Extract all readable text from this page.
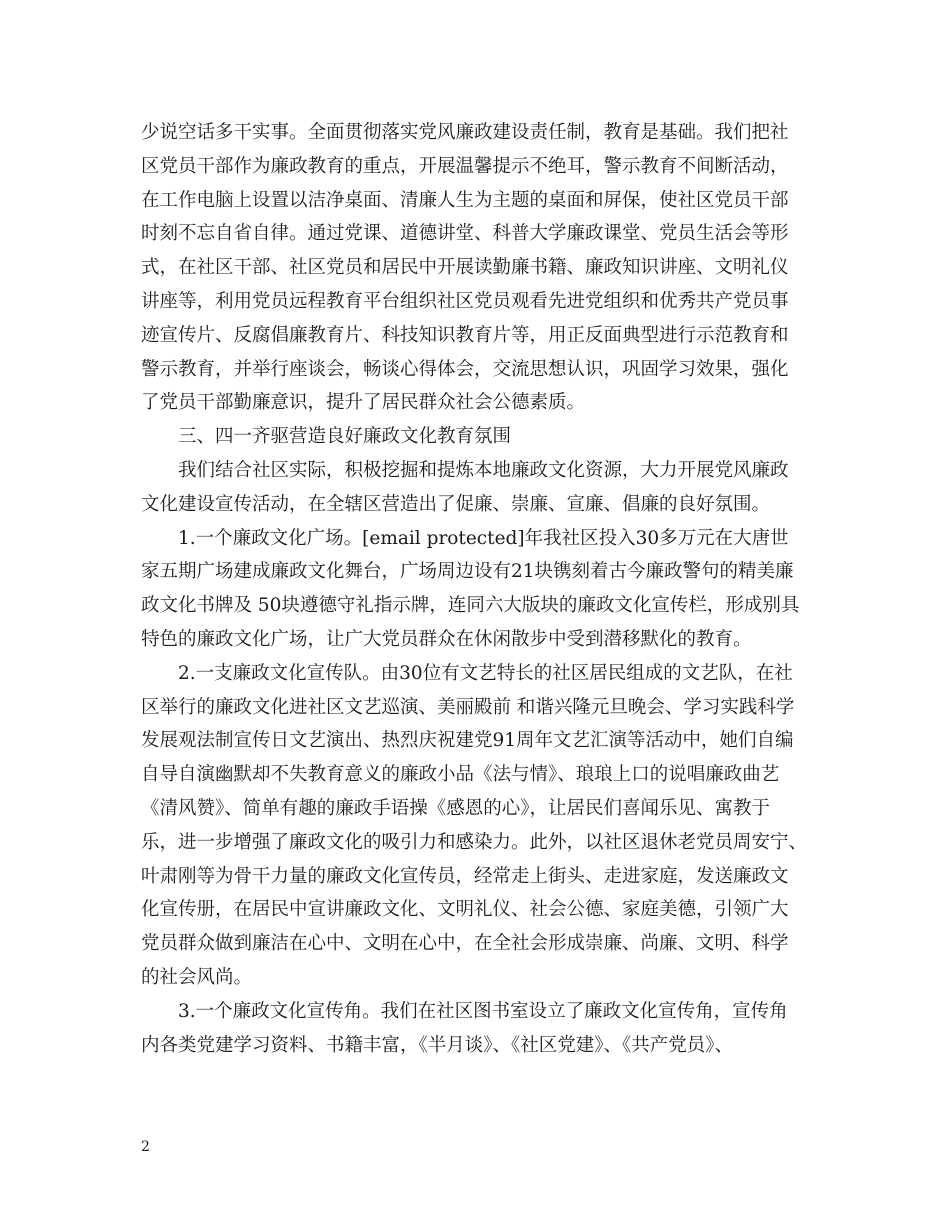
少说空话多干实事。全面贯彻落实党风廉政建设责任制，教育是基础。我们把社
区党员干部作为廉政教育的重点，开展温馨提示不绝耳，警示教育不间断活动，
在工作电脑上设置以洁净桌面、清廉人生为主题的桌面和屏保，使社区党员干部
时刻不忘自省自律。通过党课、道德讲堂、科普大学廉政课堂、党员生活会等形
式，在社区干部、社区党员和居民中开展读勤廉书籍、廉政知识讲座、文明礼仪
讲座等，利用党员远程教育平台组织社区党员观看先进党组织和优秀共产党员事
迹宣传片、反腐倡廉教育片、科技知识教育片等，用正反面典型进行示范教育和
警示教育，并举行座谈会，畅谈心得体会，交流思想认识，巩固学习效果，强化
了党员干部勤廉意识，提升了居民群众社会公德素质。
三、四一齐驱营造良好廉政文化教育氛围
我们结合社区实际，积极挖掘和提炼本地廉政文化资源，大力开展党风廉政
文化建设宣传活动，在全辖区营造出了促廉、崇廉、宣廉、倡廉的良好氛围。
1.一个廉政文化广场。[email protected]年我社区投入30多万元在大唐世
家五期广场建成廉政文化舞台，广场周边设有21块镌刻着古今廉政警句的精美廉
政文化书牌及 50块遵德守礼指示牌，连同六大版块的廉政文化宣传栏，形成别具
特色的廉政文化广场，让广大党员群众在休闲散步中受到潜移默化的教育。
2.一支廉政文化宣传队。由30位有文艺特长的社区居民组成的文艺队，在社
区举行的廉政文化进社区文艺巡演、美丽殿前 和谐兴隆元旦晚会、学习实践科学
发展观法制宣传日文艺演出、热烈庆祝建党91周年文艺汇演等活动中，她们自编
自导自演幽默却不失教育意义的廉政小品《法与情》、琅琅上口的说唱廉政曲艺
《清风赞》、简单有趣的廉政手语操《感恩的心》，让居民们喜闻乐见、寓教于
乐，进一步增强了廉政文化的吸引力和感染力。此外，以社区退休老党员周安宁、
叶肃刚等为骨干力量的廉政文化宣传员，经常走上街头、走进家庭，发送廉政文
化宣传册，在居民中宣讲廉政文化、文明礼仪、社会公德、家庭美德，引领广大
党员群众做到廉洁在心中、文明在心中，在全社会形成崇廉、尚廉、文明、科学
的社会风尚。
3.一个廉政文化宣传角。我们在社区图书室设立了廉政文化宣传角，宣传角
内各类党建学习资料、书籍丰富，《半月谈》、《社区党建》、《共产党员》、
2
